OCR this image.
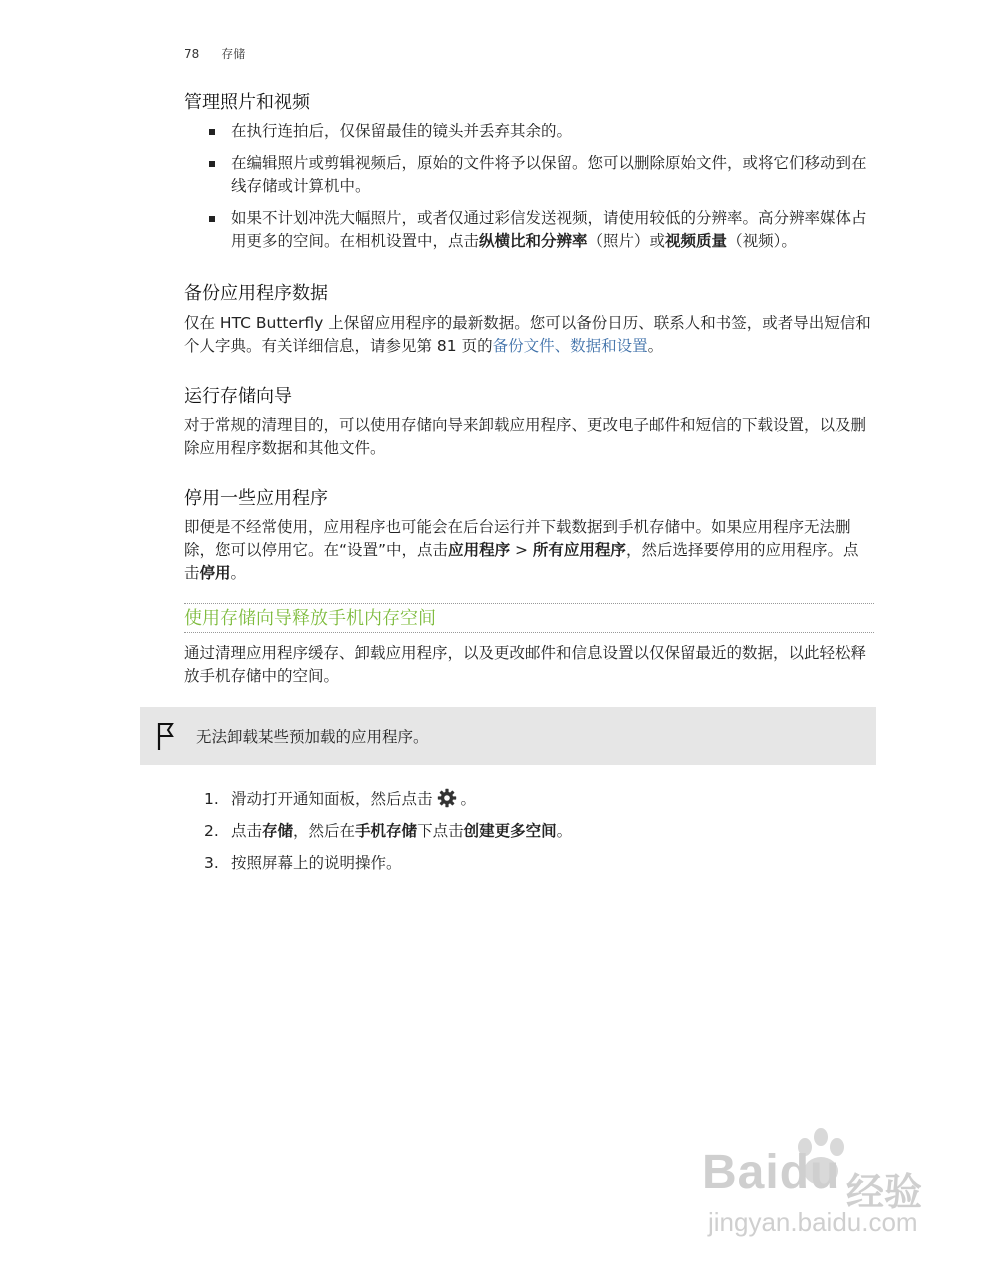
78 存储
管理照片和视频
在执行连拍后，仅保留最佳的镜头并丢弃其余的。
在编辑照片或剪辑视频后，原始的文件将予以保留。您可以删除原始文件，或将它们移动到在线存储或计算机中。
如果不计划冲洗大幅照片，或者仅通过彩信发送视频，请使用较低的分辨率。高分辨率媒体占用更多的空间。在相机设置中，点击纵横比和分辨率（照片）或视频质量（视频）。
备份应用程序数据

仅在 HTC Butterfly 上保留应用程序的最新数据。您可以备份日历、联系人和书签，或者导出短信和个人字典。有关详细信息，请参见第 81 页的备份文件、数据和设置。

运行存储向导

对于常规的清理目的，可以使用存储向导来卸载应用程序、更改电子邮件和短信的下载设置，以及删除应用程序数据和其他文件。

停用一些应用程序

即便是不经常使用，应用程序也可能会在后台运行并下载数据到手机存储中。如果应用程序无法删除，您可以停用它。在“设置”中，点击应用程序 > 所有应用程序，然后选择要停用的应用程序。点击停用。

使用存储向导释放手机内存空间

通过清理应用程序缓存、卸载应用程序，以及更改邮件和信息设置以仅保留最近的数据，以此轻松释放手机存储中的空间。

无法卸载某些预加载的应用程序。
1. 滑动打开通知面板，然后点击 。
2. 点击存储，然后在手机存储下点击创建更多空间。
3. 按照屏幕上的说明操作。
Baidu 经验
jingyan.baidu.com
